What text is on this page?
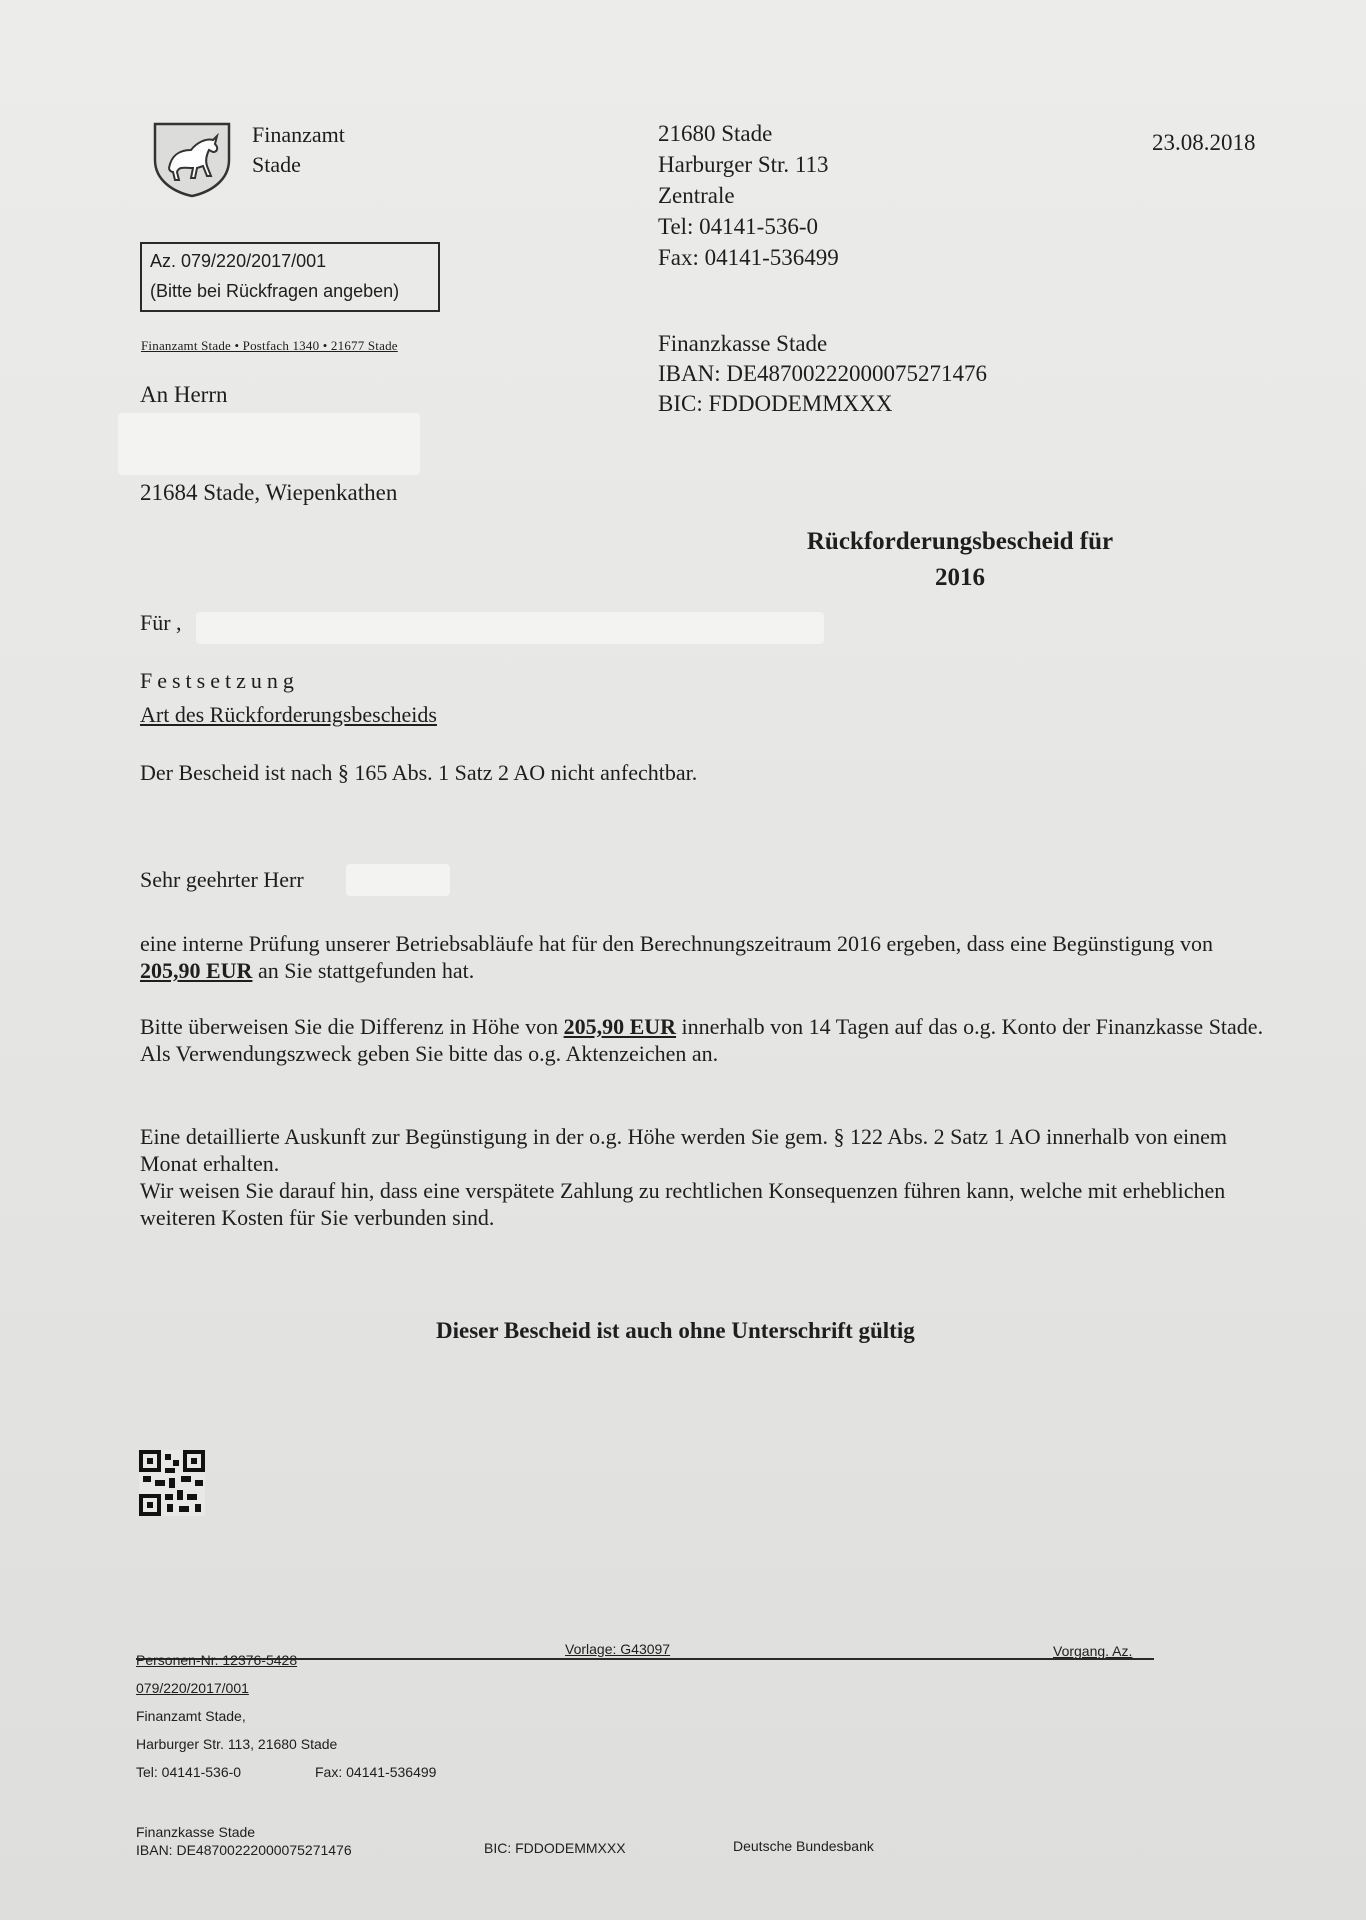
Finanzamt
Stade
21680 Stade
Harburger Str. 113
Zentrale
Tel: 04141-536-0
Fax: 04141-536499
23.08.2018
Az. 079/220/2017/001
(Bitte bei Rückfragen angeben)
Finanzamt Stade • Postfach 1340 • 21677 Stade	Finanzkasse Stade
IBAN: DE48700222000075271476
BIC: FDDODEMMXXX
An Herrn
21684 Stade, Wiepenkathen
Rückforderungsbescheid für
2016
Für ,
Festsetzung
Art des Rückforderungsbescheids
Der Bescheid ist nach § 165 Abs. 1 Satz 2 AO nicht anfechtbar.
Sehr geehrter Herr
eine interne Prüfung unserer Betriebsabläufe hat für den Berechnungszeitraum 2016 ergeben, dass eine Begünstigung von 205,90 EUR an Sie stattgefunden hat.
Bitte überweisen Sie die Differenz in Höhe von 205,90 EUR innerhalb von 14 Tagen auf das o.g. Konto der Finanzkasse Stade.
Als Verwendungszweck geben Sie bitte das o.g. Aktenzeichen an.
Eine detaillierte Auskunft zur Begünstigung in der o.g. Höhe werden Sie gem. § 122 Abs. 2 Satz 1 AO innerhalb von einem Monat erhalten.
Wir weisen Sie darauf hin, dass eine verspätete Zahlung zu rechtlichen Konsequenzen führen kann, welche mit erheblichen weiteren Kosten für Sie verbunden sind.
Dieser Bescheid ist auch ohne Unterschrift gültig
Personen-Nr. 12376-5428
Vorlage: G43097	Vorgang. Az.
079/220/2017/001
Finanzamt Stade,
Harburger Str. 113, 21680 Stade
Tel: 04141-536-0	Fax: 04141-536499
Finanzkasse Stade
IBAN: DE48700222000075271476	BIC: FDDODEMMXXX	Deutsche Bundesbank
